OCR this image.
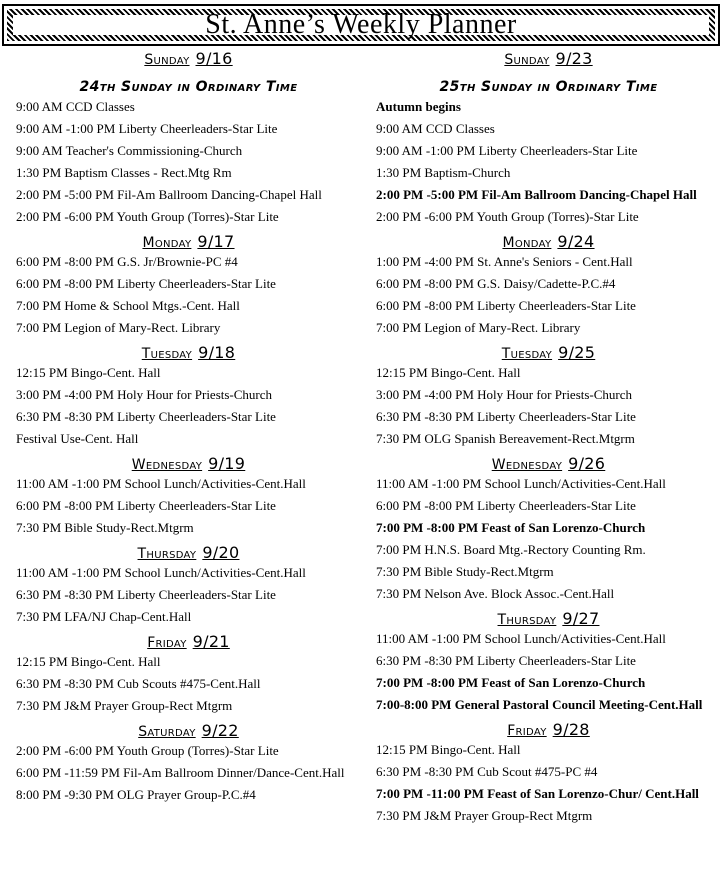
St. Anne’s Weekly Planner
Sunday 9/16
24th Sunday in Ordinary Time
9:00 AM CCD Classes
9:00 AM -1:00 PM Liberty Cheerleaders-Star Lite
9:00 AM Teacher's Commissioning-Church
1:30 PM Baptism Classes - Rect.Mtg Rm
2:00 PM -5:00 PM Fil-Am Ballroom Dancing-Chapel Hall
2:00 PM -6:00 PM Youth Group (Torres)-Star Lite
Monday 9/17
6:00 PM -8:00 PM G.S. Jr/Brownie-PC #4
6:00 PM -8:00 PM Liberty Cheerleaders-Star Lite
7:00 PM Home & School Mtgs.-Cent. Hall
7:00 PM Legion of Mary-Rect. Library
Tuesday 9/18
12:15 PM Bingo-Cent. Hall
3:00 PM -4:00 PM Holy Hour for Priests-Church
6:30 PM -8:30 PM Liberty Cheerleaders-Star Lite
Festival Use-Cent. Hall
Wednesday 9/19
11:00 AM -1:00 PM School Lunch/Activities-Cent.Hall
6:00 PM -8:00 PM Liberty Cheerleaders-Star Lite
7:30 PM Bible Study-Rect.Mtgrm
Thursday 9/20
11:00 AM -1:00 PM School Lunch/Activities-Cent.Hall
6:30 PM -8:30 PM Liberty Cheerleaders-Star Lite
7:30 PM LFA/NJ Chap-Cent.Hall
Friday 9/21
12:15 PM Bingo-Cent. Hall
6:30 PM -8:30 PM Cub Scouts #475-Cent.Hall
7:30 PM J&M Prayer Group-Rect Mtgrm
Saturday 9/22
2:00 PM -6:00 PM Youth Group (Torres)-Star Lite
6:00 PM -11:59 PM Fil-Am Ballroom Dinner/Dance-Cent.Hall
8:00 PM -9:30 PM OLG Prayer Group-P.C.#4
Sunday 9/23
25th Sunday in Ordinary Time
Autumn begins
9:00 AM CCD Classes
9:00 AM -1:00 PM Liberty Cheerleaders-Star Lite
1:30 PM Baptism-Church
2:00 PM -5:00 PM Fil-Am Ballroom Dancing-Chapel Hall
2:00 PM -6:00 PM Youth Group (Torres)-Star Lite
Monday 9/24
1:00 PM -4:00 PM St. Anne's Seniors - Cent.Hall
6:00 PM -8:00 PM G.S. Daisy/Cadette-P.C.#4
6:00 PM -8:00 PM Liberty Cheerleaders-Star Lite
7:00 PM Legion of Mary-Rect. Library
Tuesday 9/25
12:15 PM Bingo-Cent. Hall
3:00 PM -4:00 PM Holy Hour for Priests-Church
6:30 PM -8:30 PM Liberty Cheerleaders-Star Lite
7:30 PM OLG Spanish Bereavement-Rect.Mtgrm
Wednesday 9/26
11:00 AM -1:00 PM School Lunch/Activities-Cent.Hall
6:00 PM -8:00 PM Liberty Cheerleaders-Star Lite
7:00 PM -8:00 PM Feast of San Lorenzo-Church
7:00 PM H.N.S. Board Mtg.-Rectory Counting Rm.
7:30 PM Bible Study-Rect.Mtgrm
7:30 PM Nelson Ave. Block Assoc.-Cent.Hall
Thursday 9/27
11:00 AM -1:00 PM School Lunch/Activities-Cent.Hall
6:30 PM -8:30 PM Liberty Cheerleaders-Star Lite
7:00 PM -8:00 PM Feast of San Lorenzo-Church
7:00-8:00 PM General Pastoral Council Meeting-Cent.Hall
Friday 9/28
12:15 PM Bingo-Cent. Hall
6:30 PM -8:30 PM Cub Scout #475-PC #4
7:00 PM -11:00 PM Feast of San Lorenzo-Chur/ Cent.Hall
7:30 PM J&M Prayer Group-Rect Mtgrm
